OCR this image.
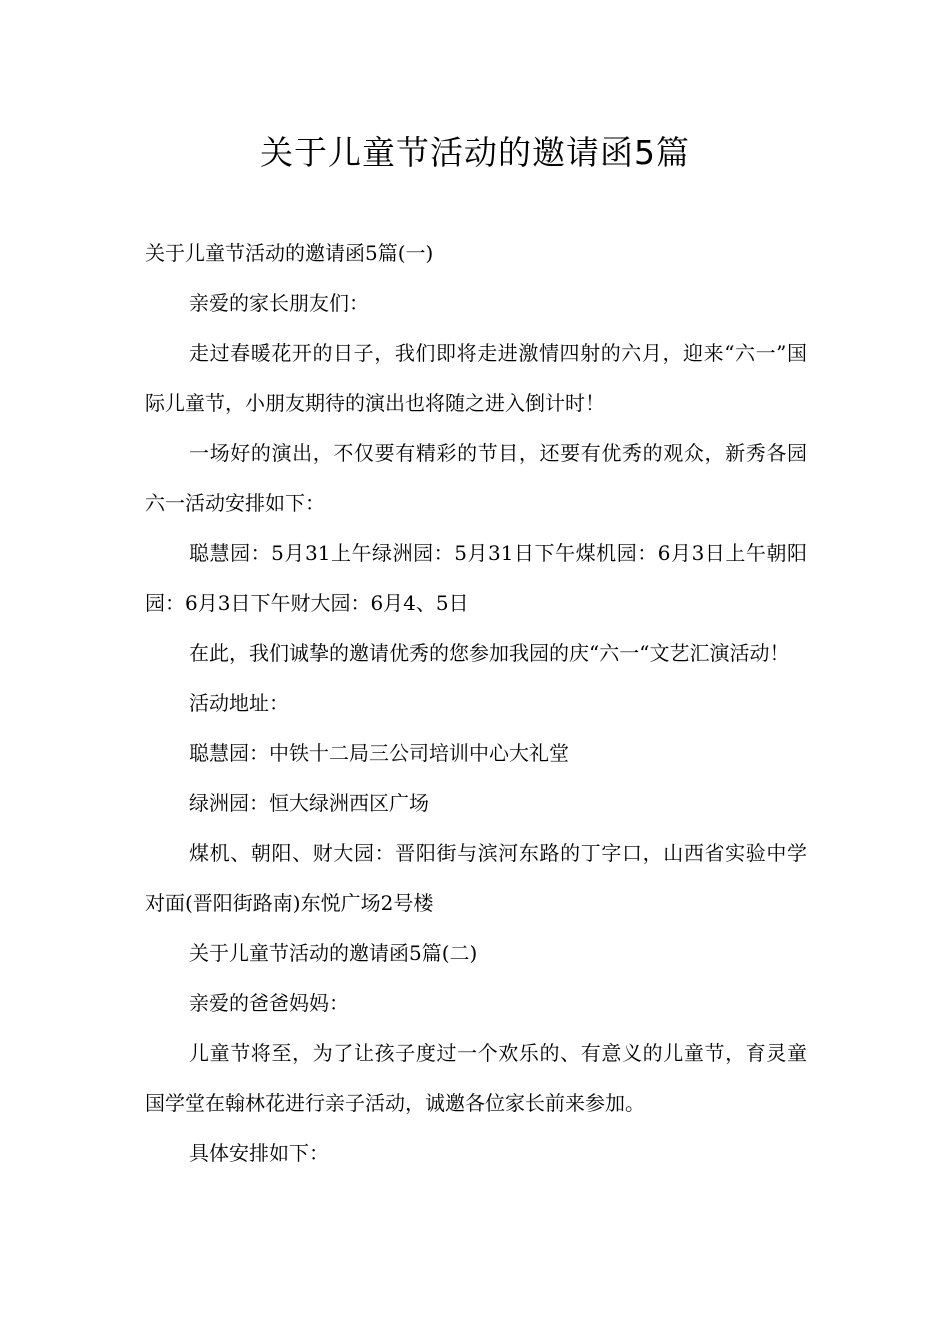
关于儿童节活动的邀请函5篇

关于儿童节活动的邀请函5篇(一)

亲爱的家长朋友们：

走过春暖花开的日子，我们即将走进激情四射的六月，迎来“六一”国际儿童节，小朋友期待的演出也将随之进入倒计时！

一场好的演出，不仅要有精彩的节目，还要有优秀的观众，新秀各园六一活动安排如下：

聪慧园：5月31上午绿洲园：5月31日下午煤机园：6月3日上午朝阳园：6月3日下午财大园：6月4、5日

在此，我们诚挚的邀请优秀的您参加我园的庆“六一“文艺汇演活动！

活动地址：

聪慧园：中铁十二局三公司培训中心大礼堂

绿洲园：恒大绿洲西区广场

煤机、朝阳、财大园：晋阳街与滨河东路的丁字口，山西省实验中学对面(晋阳街路南)东悦广场2号楼

关于儿童节活动的邀请函5篇(二)

亲爱的爸爸妈妈：

儿童节将至，为了让孩子度过一个欢乐的、有意义的儿童节，育灵童国学堂在翰林花进行亲子活动，诚邀各位家长前来参加。

具体安排如下：
